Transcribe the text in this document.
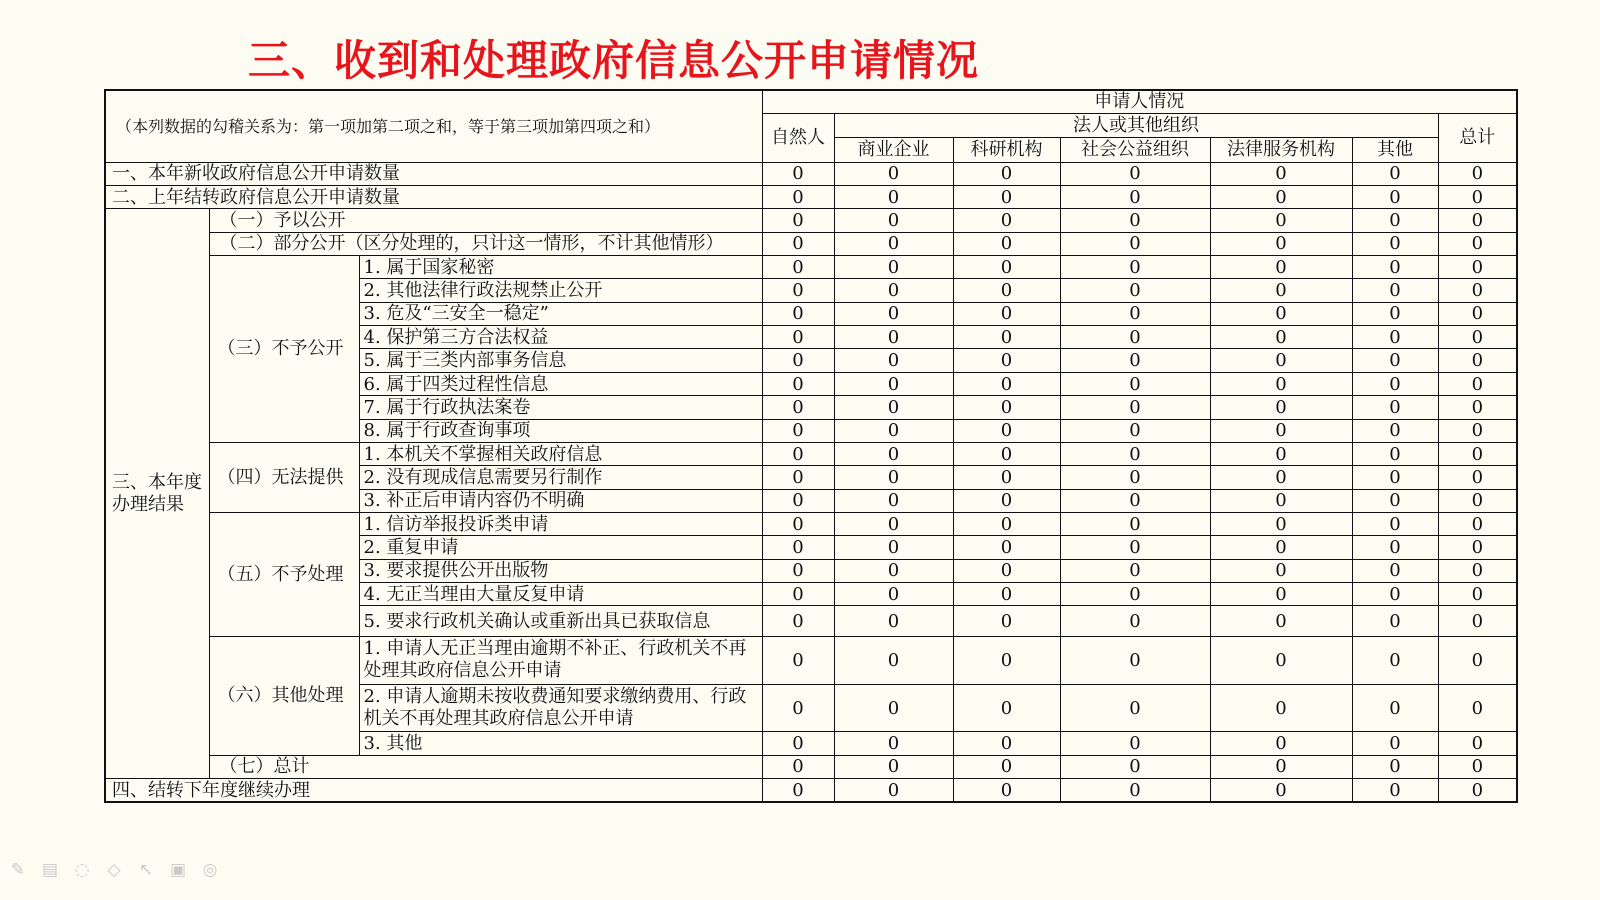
三、收到和处理政府信息公开申请情况
（本列数据的勾稽关系为：第一项加第二项之和，等于第三项加第四项之和）			申请人情况						
			自然人	法人或其他组织					总计
				商业企业	科研机构	社会公益组织	法律服务机构	其他	
一、本年新收政府信息公开申请数量			0	0	0	0	0	0	0
二、上年结转政府信息公开申请数量			0	0	0	0	0	0	0
三、本年度办理结果	（一）予以公开		0	0	0	0	0	0	0
	（二）部分公开（区分处理的，只计这一情形，不计其他情形）		0	0	0	0	0	0	0
	（三）不予公开	1. 属于国家秘密	0	0	0	0	0	0	0
		2. 其他法律行政法规禁止公开	0	0	0	0	0	0	0
		3. 危及“三安全一稳定”	0	0	0	0	0	0	0
		4. 保护第三方合法权益	0	0	0	0	0	0	0
		5. 属于三类内部事务信息	0	0	0	0	0	0	0
		6. 属于四类过程性信息	0	0	0	0	0	0	0
		7. 属于行政执法案卷	0	0	0	0	0	0	0
		8. 属于行政查询事项	0	0	0	0	0	0	0
	（四）无法提供	1. 本机关不掌握相关政府信息	0	0	0	0	0	0	0
		2. 没有现成信息需要另行制作	0	0	0	0	0	0	0
		3. 补正后申请内容仍不明确	0	0	0	0	0	0	0
	（五）不予处理	1. 信访举报投诉类申请	0	0	0	0	0	0	0
		2. 重复申请	0	0	0	0	0	0	0
		3. 要求提供公开出版物	0	0	0	0	0	0	0
		4. 无正当理由大量反复申请	0	0	0	0	0	0	0
		5. 要求行政机关确认或重新出具已获取信息	0	0	0	0	0	0	0
	（六）其他处理	1. 申请人无正当理由逾期不补正、行政机关不再处理其政府信息公开申请	0	0	0	0	0	0	0
		2. 申请人逾期未按收费通知要求缴纳费用、行政机关不再处理其政府信息公开申请	0	0	0	0	0	0	0
		3. 其他	0	0	0	0	0	0	0
	（七）总计		0	0	0	0	0	0	0
四、结转下年度继续办理			0	0	0	0	0	0	0
✎ ▤ ◌ ◇ ↖ ▣ ◎
